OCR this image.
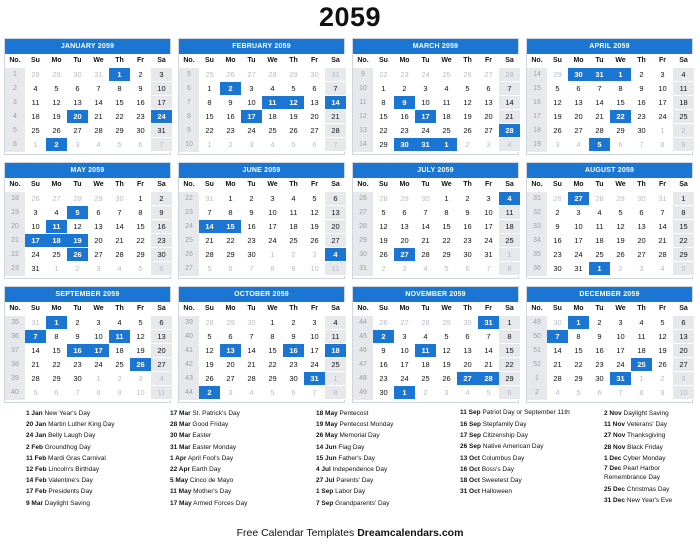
2059
JANUARY 2059
No.	Su	Mo	Tu	We	Th	Fr	Sa
1	28	29	30	31	1	2	3
2	4	5	6	7	8	9	10
3	11	12	13	14	15	16	17
4	18	19	20	21	22	23	24
5	25	26	27	28	29	30	31
6	1	2	3	4	5	6	7
FEBRUARY 2059
No.	Su	Mo	Tu	We	Th	Fr	Sa
5	25	26	27	28	29	30	31
6	1	2	3	4	5	6	7
7	8	9	10	11	12	13	14
8	15	16	17	18	19	20	21
9	22	23	24	25	26	27	28
10	1	2	3	4	5	6	7
MARCH 2059
No.	Su	Mo	Tu	We	Th	Fr	Sa
9	22	23	24	25	26	27	28
10	1	2	3	4	5	6	7
11	8	9	10	11	12	13	14
12	15	16	17	18	19	20	21
13	22	23	24	25	26	27	28
14	29	30	31	1	2	3	4
APRIL 2059
No.	Su	Mo	Tu	We	Th	Fr	Sa
14	29	30	31	1	2	3	4
15	5	6	7	8	9	10	11
16	12	13	14	15	16	17	18
17	19	20	21	22	23	24	25
18	26	27	28	29	30	1	2
19	3	4	5	6	7	8	9
MAY 2059
No.	Su	Mo	Tu	We	Th	Fr	Sa
18	26	27	28	29	30	1	2
19	3	4	5	6	7	8	9
20	10	11	12	13	14	15	16
21	17	18	19	20	21	22	23
22	24	25	26	27	28	29	30
23	31	1	2	3	4	5	6
JUNE 2059
No.	Su	Mo	Tu	We	Th	Fr	Sa
22	31	1	2	3	4	5	6
23	7	8	9	10	11	12	13
24	14	15	16	17	18	19	20
25	21	22	23	24	25	26	27
26	28	29	30	1	2	3	4
27	5	6	7	8	9	10	11
JULY 2059
No.	Su	Mo	Tu	We	Th	Fr	Sa
26	28	29	30	1	2	3	4
27	5	6	7	8	9	10	11
28	12	13	14	15	16	17	18
29	19	20	21	22	23	24	25
30	26	27	28	29	30	31	1
31	2	3	4	5	6	7	8
AUGUST 2059
No.	Su	Mo	Tu	We	Th	Fr	Sa
31	26	27	28	29	30	31	1
32	2	3	4	5	6	7	8
33	9	10	11	12	13	14	15
34	16	17	18	19	20	21	22
35	23	24	25	26	27	28	29
36	30	31	1	2	3	4	5
SEPTEMBER 2059
No.	Su	Mo	Tu	We	Th	Fr	Sa
35	31	1	2	3	4	5	6
36	7	8	9	10	11	12	13
37	14	15	16	17	18	19	20
38	21	22	23	24	25	26	27
39	28	29	30	1	2	3	4
40	5	6	7	8	9	10	11
OCTOBER 2059
No.	Su	Mo	Tu	We	Th	Fr	Sa
39	28	29	30	1	2	3	4
40	5	6	7	8	9	10	11
41	12	13	14	15	16	17	18
42	19	20	21	22	23	24	25
43	26	27	28	29	30	31	1
44	2	3	4	5	6	7	8
NOVEMBER 2059
No.	Su	Mo	Tu	We	Th	Fr	Sa
44	26	27	28	29	30	31	1
45	2	3	4	5	6	7	8
46	9	10	11	12	13	14	15
47	16	17	18	19	20	21	22
48	23	24	25	26	27	28	29
49	30	1	2	3	4	5	6
DECEMBER 2059
No.	Su	Mo	Tu	We	Th	Fr	Sa
49	30	1	2	3	4	5	6
50	7	8	9	10	11	12	13
51	14	15	16	17	18	19	20
52	21	22	23	24	25	26	27
1	28	29	30	31	1	2	3
2	4	5	6	7	8	9	10
1 Jan New Year's Day
20 Jan Martin Luther King Day
24 Jan Belly Laugh Day
2 Feb Groundhog Day
11 Feb Mardi Gras Carnival
12 Feb Lincoln's Birthday
14 Feb Valentine's Day
17 Feb Presidents Day
9 Mar Daylight Saving
17 Mar St. Patrick's Day
28 Mar Good Friday
30 Mar Easter
31 Mar Easter Monday
1 Apr April Fool's Day
22 Apr Earth Day
5 May Cinco de Mayo
11 May Mother's Day
17 May Armed Forces Day
18 May Pentecost
19 May Pentecost Monday
26 May Memorial Day
14 Jun Flag Day
15 Jun Father's Day
4 Jul Independence Day
27 Jul Parents' Day
1 Sep Labor Day
7 Sep Grandparents' Day
11 Sep Patriot Day or September 11th
16 Sep Stepfamily Day
17 Sep Citizenship Day
26 Sep Native American Day
13 Oct Columbus Day
16 Oct Boss's Day
18 Oct Sweetest Day
31 Oct Halloween
2 Nov Daylight Saving
11 Nov Veterans' Day
27 Nov Thanksgiving
28 Nov Black Friday
1 Dec Cyber Monday
7 Dec Pearl Harbor Remembrance Day
25 Dec Christmas Day
31 Dec New Year's Eve
Free Calendar Templates Dreamcalendars.com
